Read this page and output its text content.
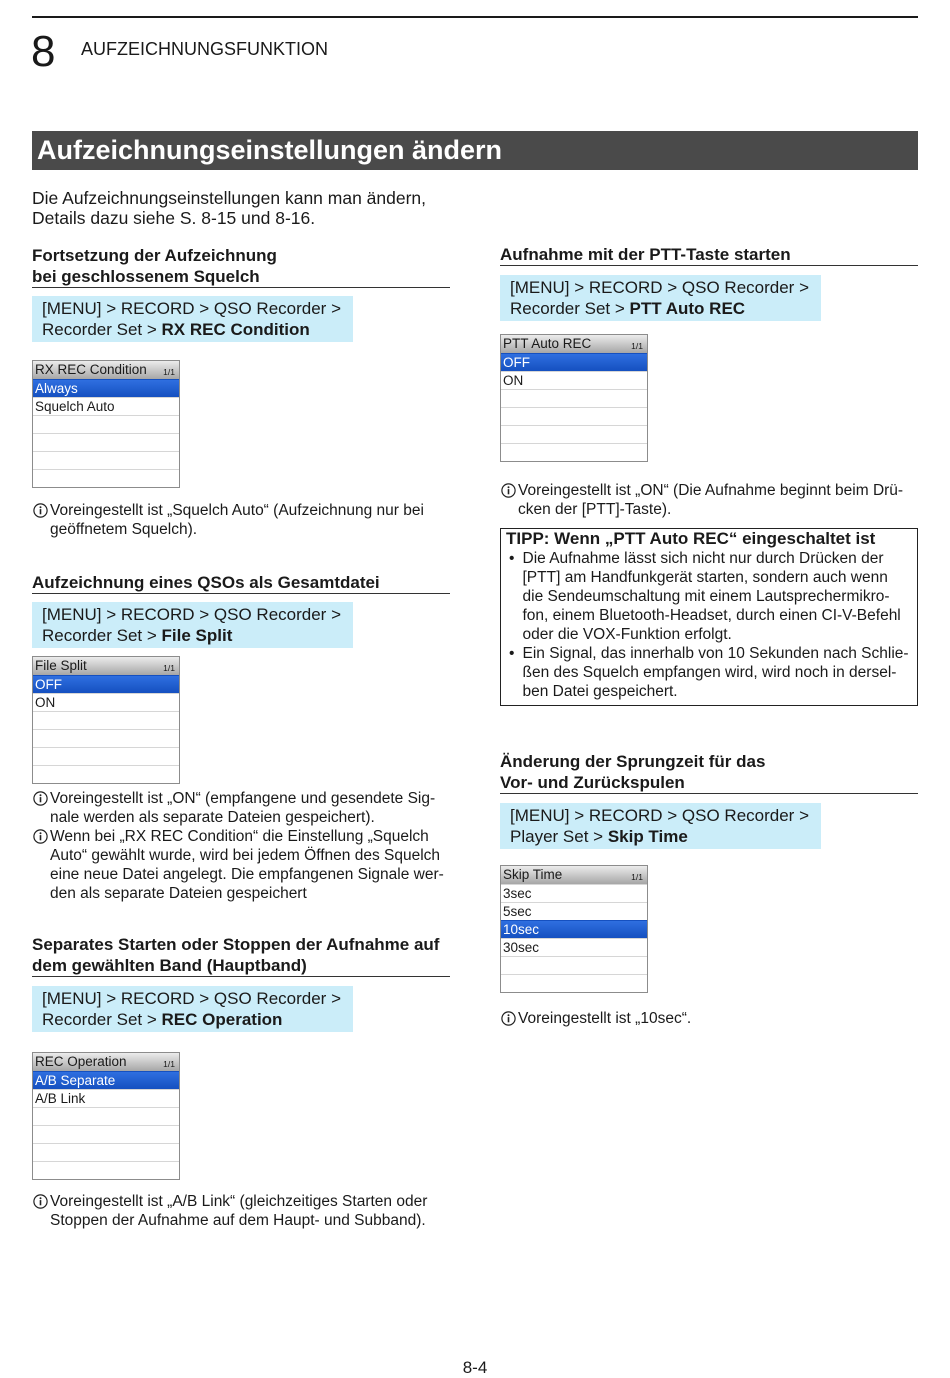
8 AUFZEICHNUNGSFUNKTION
Aufzeichnungseinstellungen ändern
Die Aufzeichnungseinstellungen kann man ändern,
Details dazu siehe S. 8-15 und 8-16.
Fortsetzung der Aufzeichnung
bei geschlossenem Squelch
[MENU] > RECORD > QSO Recorder >
Recorder Set > RX REC Condition
RX REC Condition 1/1
Always
Squelch Auto
Voreingestellt ist „Squelch Auto“ (Aufzeichnung nur bei
geöffnetem Squelch).
Aufzeichnung eines QSOs als Gesamtdatei
[MENU] > RECORD > QSO Recorder >
Recorder Set > File Split
File Split	1/1
OFF
ON
Voreingestellt ist „ON“ (empfangene und gesendete Sig-
nale werden als separate Dateien gespeichert).
Wenn bei „RX REC Condition“ die Einstellung „Squelch
Auto“ gewählt wurde, wird bei jedem Öffnen des Squelch
eine neue Datei angelegt. Die empfangenen Signale wer-
den als separate Dateien gespeichert
Separates Starten oder Stoppen der Aufnahme auf
dem gewählten Band (Hauptband)
[MENU] > RECORD > QSO Recorder >
Recorder Set > REC Operation
REC Operation	1/1
A/B Separate
A/B Link
Voreingestellt ist „A/B Link“ (gleichzeitiges Starten oder
Stoppen der Aufnahme auf dem Haupt- und Subband).
Aufnahme mit der PTT-Taste starten
[MENU] > RECORD > QSO Recorder >
Recorder Set > PTT Auto REC
PTT Auto REC	1/1
OFF
ON
Voreingestellt ist „ON“ (Die Aufnahme beginnt beim Drü-
cken der [PTT]-Taste).
TIPP: Wenn „PTT Auto REC“ eingeschaltet ist
•
Die Aufnahme lässt sich nicht nur durch Drücken der
[PTT] am Handfunkgerät starten, sondern auch wenn
die Sendeumschaltung mit einem Lautsprechermikro-
fon, einem Bluetooth-Headset, durch einen CI-V-Befehl
oder die VOX-Funktion erfolgt.
•
Ein Signal, das innerhalb von 10 Sekunden nach Schlie-
ßen des Squelch empfangen wird, wird noch in dersel-
ben Datei gespeichert.
Änderung der Sprungzeit für das
Vor- und Zurückspulen
[MENU] > RECORD > QSO Recorder >
Player Set > Skip Time
Skip Time	1/1
3sec
5sec
10sec
30sec
Voreingestellt ist „10sec“.
8-4
